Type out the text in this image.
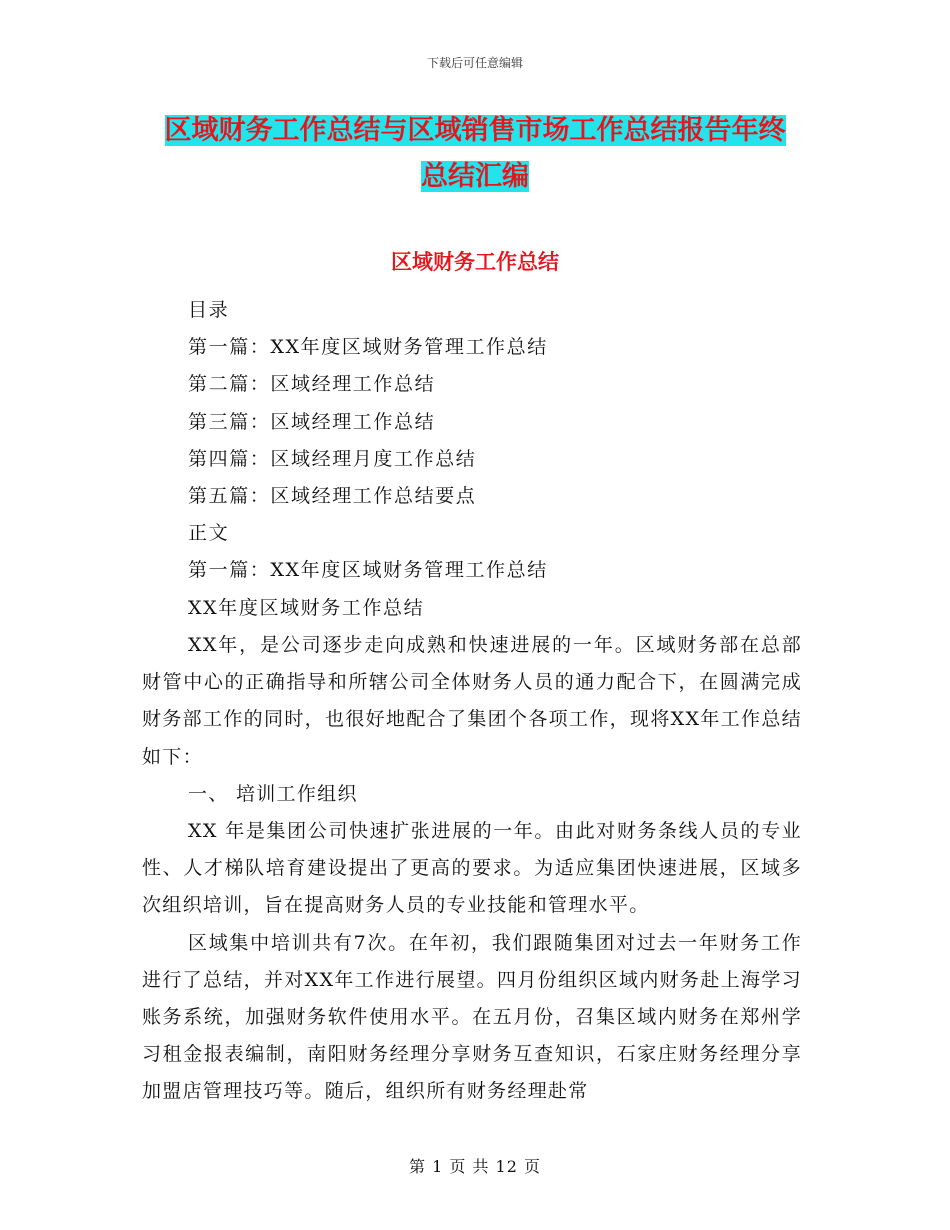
下载后可任意编辑
区域财务工作总结与区域销售市场工作总结报告年终
总结汇编
区域财务工作总结
目录
第一篇：XX年度区域财务管理工作总结
第二篇：区域经理工作总结
第三篇：区域经理工作总结
第四篇：区域经理月度工作总结
第五篇：区域经理工作总结要点
正文
第一篇：XX年度区域财务管理工作总结
XX年度区域财务工作总结

XX年，是公司逐步走向成熟和快速进展的一年。区域财务部在总部财管中心的正确指导和所辖公司全体财务人员的通力配合下，在圆满完成财务部工作的同时，也很好地配合了集团个各项工作，现将XX年工作总结如下：

一、 培训工作组织

XX 年是集团公司快速扩张进展的一年。由此对财务条线人员的专业性、人才梯队培育建设提出了更高的要求。为适应集团快速进展，区域多次组织培训，旨在提高财务人员的专业技能和管理水平。

区域集中培训共有7次。在年初，我们跟随集团对过去一年财务工作进行了总结，并对XX年工作进行展望。四月份组织区域内财务赴上海学习账务系统，加强财务软件使用水平。在五月份，召集区域内财务在郑州学习租金报表编制，南阳财务经理分享财务互查知识，石家庄财务经理分享加盟店管理技巧等。随后，组织所有财务经理赴常

第 1 页 共 12 页
